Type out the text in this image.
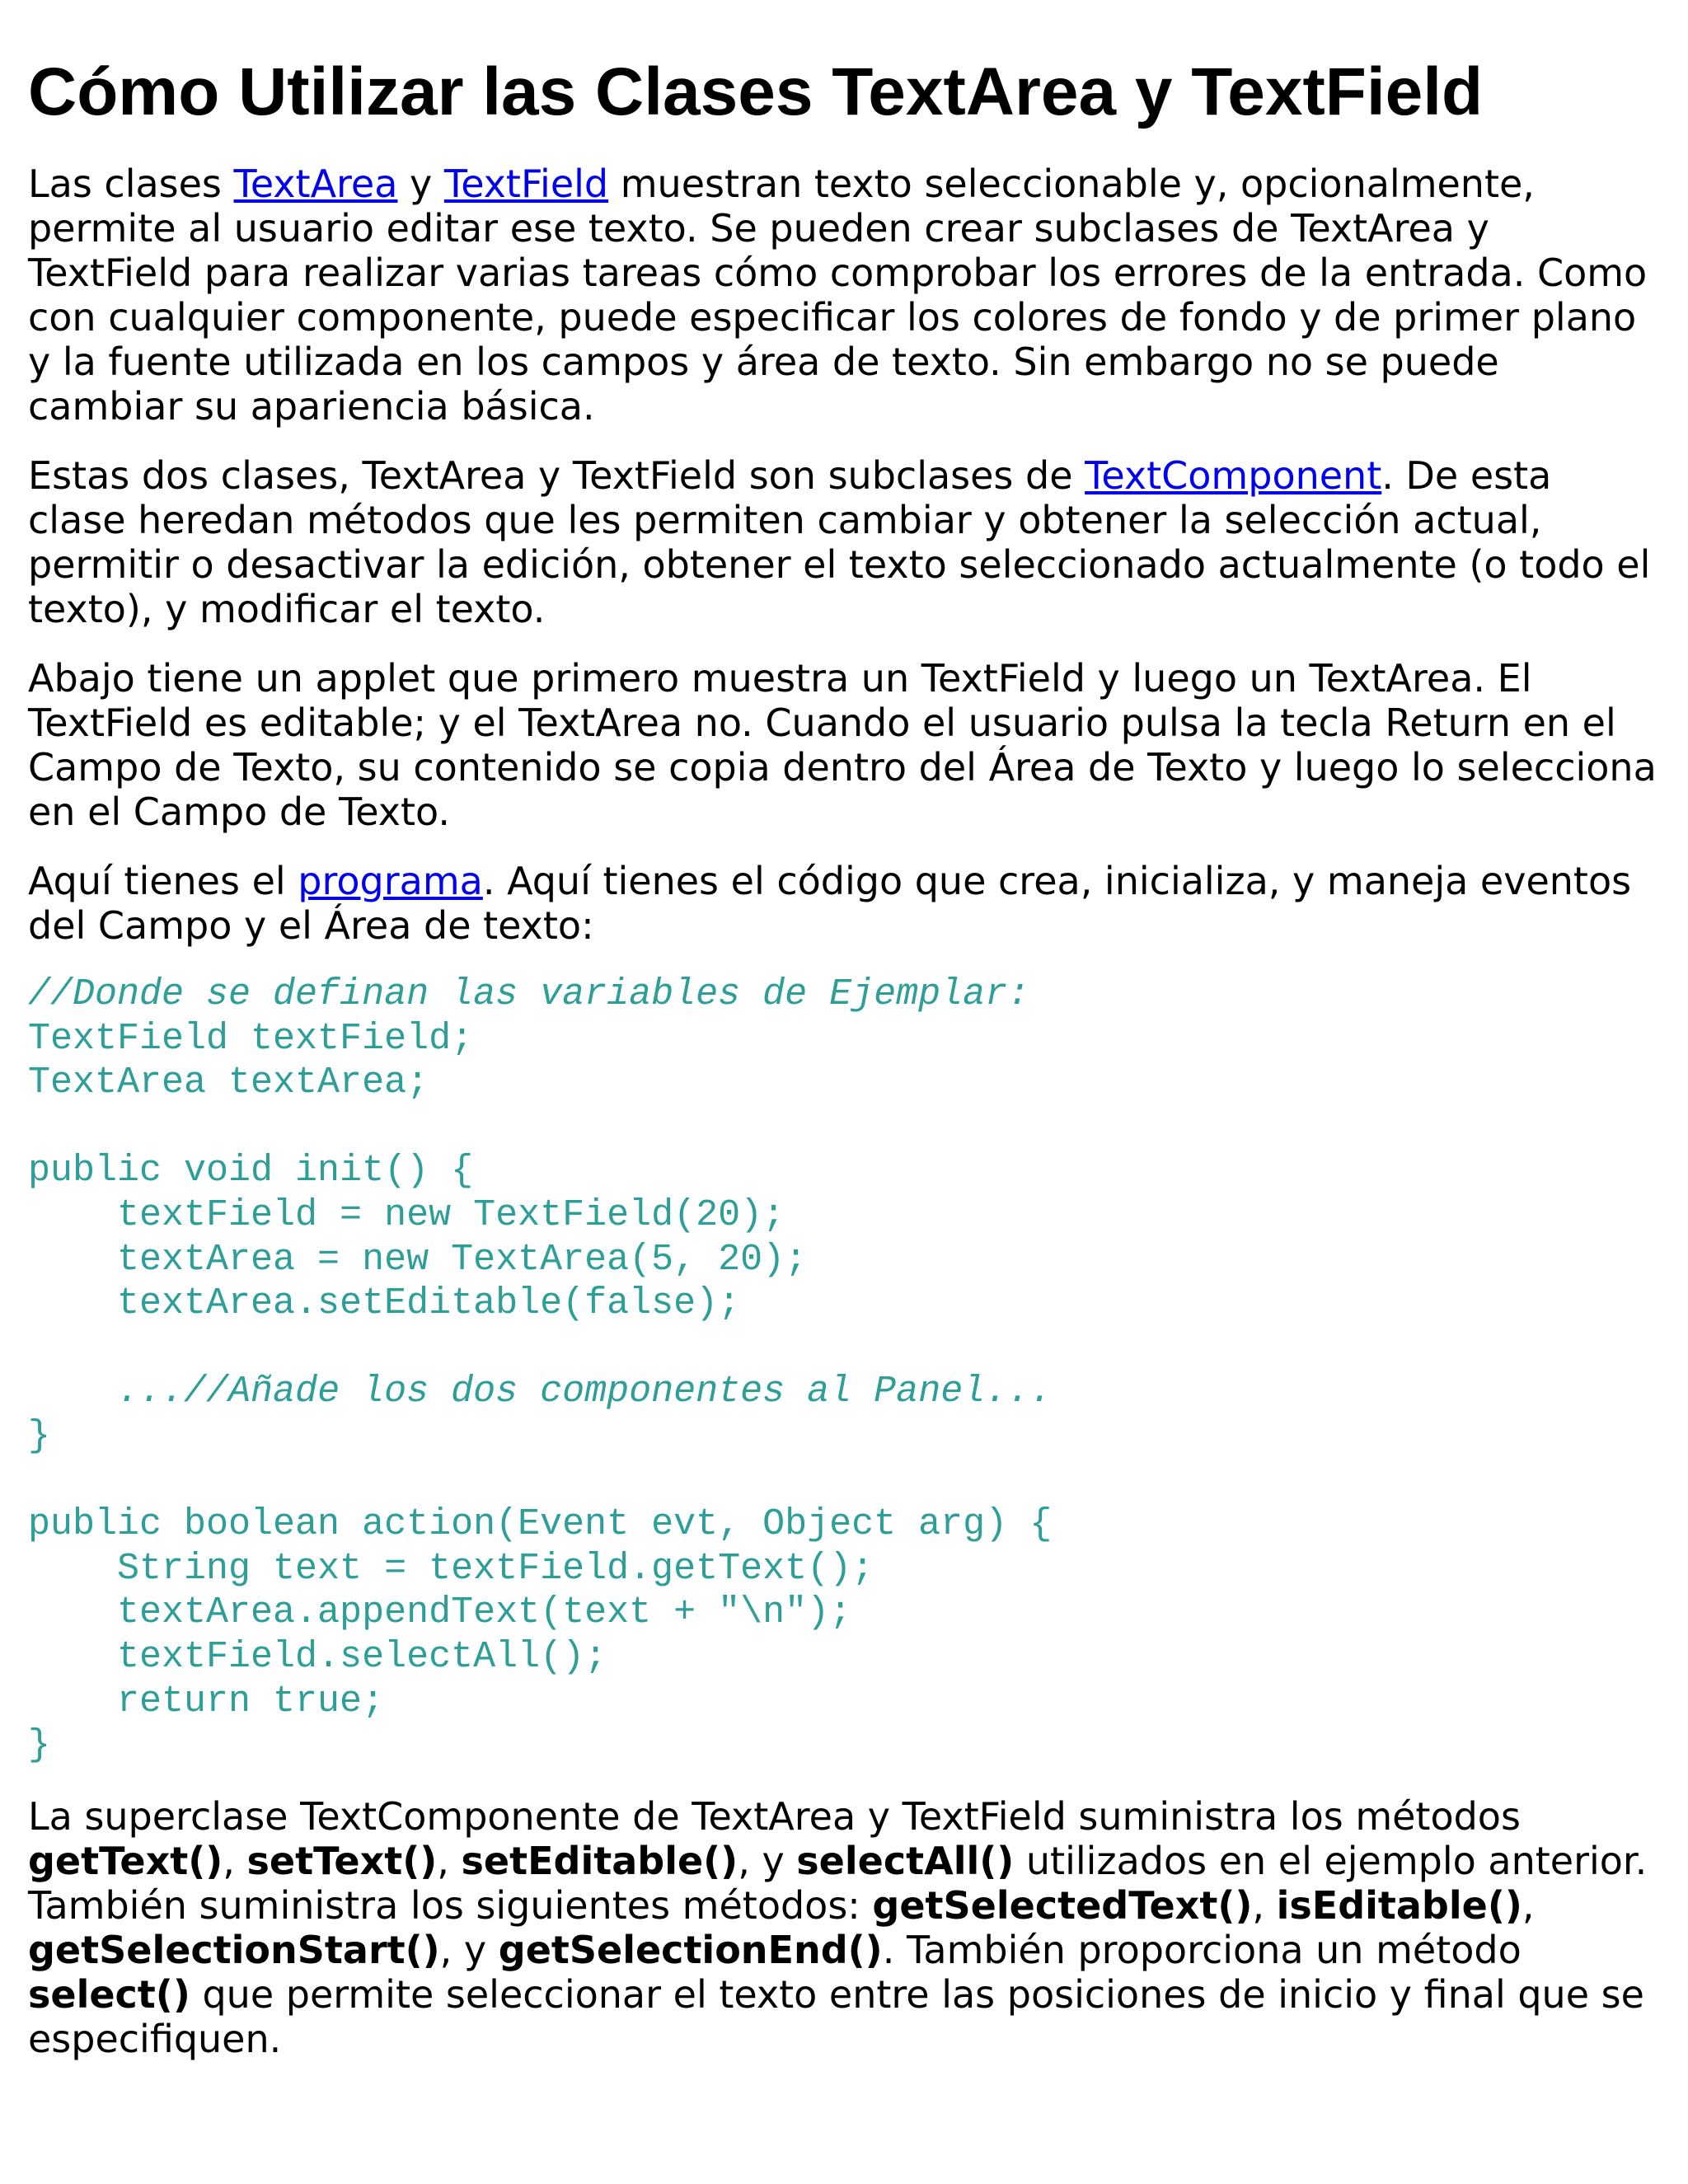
Cómo Utilizar las Clases TextArea y TextField

Las clases TextArea y TextField muestran texto seleccionable y, opcionalmente, permite al usuario editar ese texto. Se pueden crear subclases de TextArea y TextField para realizar varias tareas cómo comprobar los errores de la entrada. Como con cualquier componente, puede especificar los colores de fondo y de primer plano y la fuente utilizada en los campos y área de texto. Sin embargo no se puede cambiar su apariencia básica.

Estas dos clases, TextArea y TextField son subclases de TextComponent. De esta clase heredan métodos que les permiten cambiar y obtener la selección actual, permitir o desactivar la edición, obtener el texto seleccionado actualmente (o todo el texto), y modificar el texto.

Abajo tiene un applet que primero muestra un TextField y luego un TextArea. El TextField es editable; y el TextArea no. Cuando el usuario pulsa la tecla Return en el Campo de Texto, su contenido se copia dentro del Área de Texto y luego lo selecciona en el Campo de Texto.

Aquí tienes el programa. Aquí tienes el código que crea, inicializa, y maneja eventos del Campo y el Área de texto:

//Donde se definan las variables de Ejemplar:
TextField textField;
TextArea textArea;

public void init() {
textField = new TextField(20);
textArea = new TextArea(5, 20);
textArea.setEditable(false);

...//Añade los dos componentes al Panel...
}

public boolean action(Event evt, Object arg) {
String text = textField.getText();
textArea.appendText(text + "\n");
textField.selectAll();
return true;
}

La superclase TextComponente de TextArea y TextField suministra los métodos getText(), setText(), setEditable(), y selectAll() utilizados en el ejemplo anterior. También suministra los siguientes métodos: getSelectedText(), isEditable(), getSelectionStart(), y getSelectionEnd(). También proporciona un método select() que permite seleccionar el texto entre las posiciones de inicio y final que se especifiquen.
